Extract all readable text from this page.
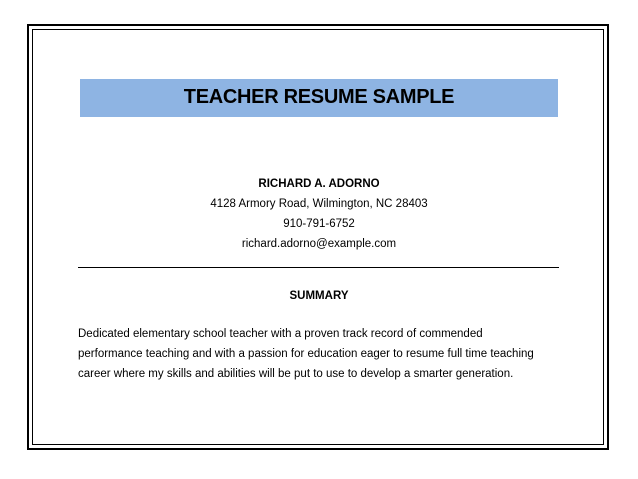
TEACHER RESUME SAMPLE
RICHARD A. ADORNO
4128 Armory Road, Wilmington, NC 28403
910-791-6752
richard.adorno@example.com
SUMMARY

Dedicated elementary school teacher with a proven track record of commended performance teaching and with a passion for education eager to resume full time teaching career where my skills and abilities will be put to use to develop a smarter generation.
